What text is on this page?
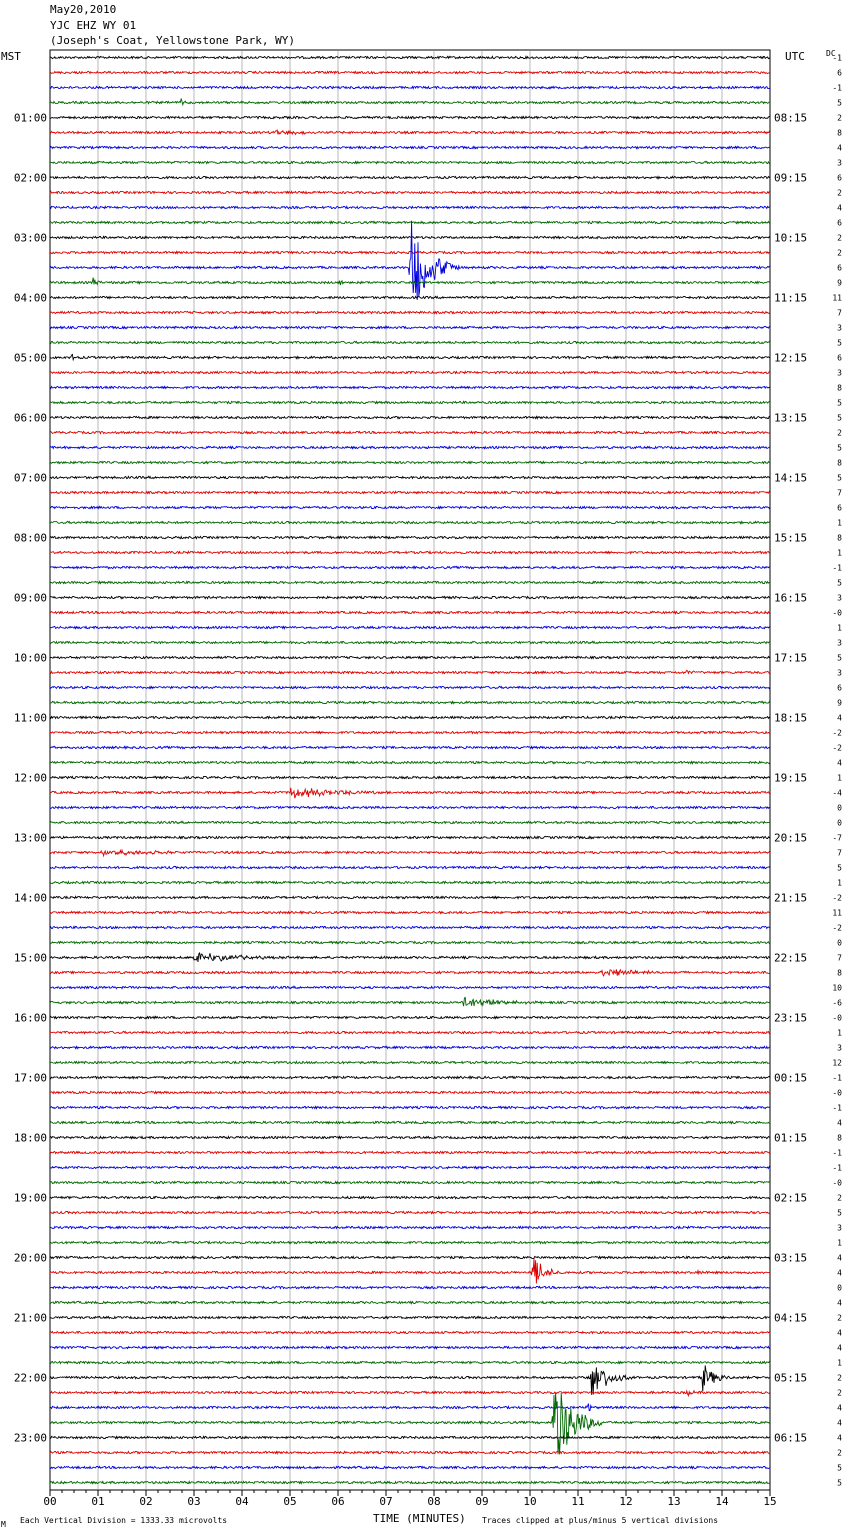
May20,2010
YJC EHZ WY 01
(Joseph's Coat, Yellowstone Park, WY)
MST	UTC	DC
00	01	02	03	04	05	06	07	08	09	10	11	12	13	14	15
-1
6
-1
5
2
8
4
3
6
2
4
6
2
2
6
9
11
7
3
5
6
3
8
5
5
2
5
8
5
7
6
1
8
1
-1
5
3
-0
1
3
5
3
6
9
4
-2
-2
4
1
-4
0
0
-7
7
5
1
-2
11
-2
0
7
8
10
-6
-0
1
3
12
-1
-0
-1
4
8
-1
-1
-0
2
5
3
1
4
4
0
4
2
4
4
1
2
2
4
4
4
2
5
5
01:00	08:15
02:00	09:15
03:00	10:15
04:00	11:15
05:00	12:15
06:00	13:15
07:00	14:15
08:00	15:15
09:00	16:15
10:00	17:15
11:00	18:15
12:00	19:15
13:00	20:15
14:00	21:15
15:00	22:15
16:00	23:15
17:00	00:15
18:00	01:15
19:00	02:15
20:00	03:15
21:00	04:15
22:00	05:15
23:00	06:15
M Each Vertical Division = 1333.33 microvolts	TIME (MINUTES) Traces clipped at plus/minus 5 vertical divisions
